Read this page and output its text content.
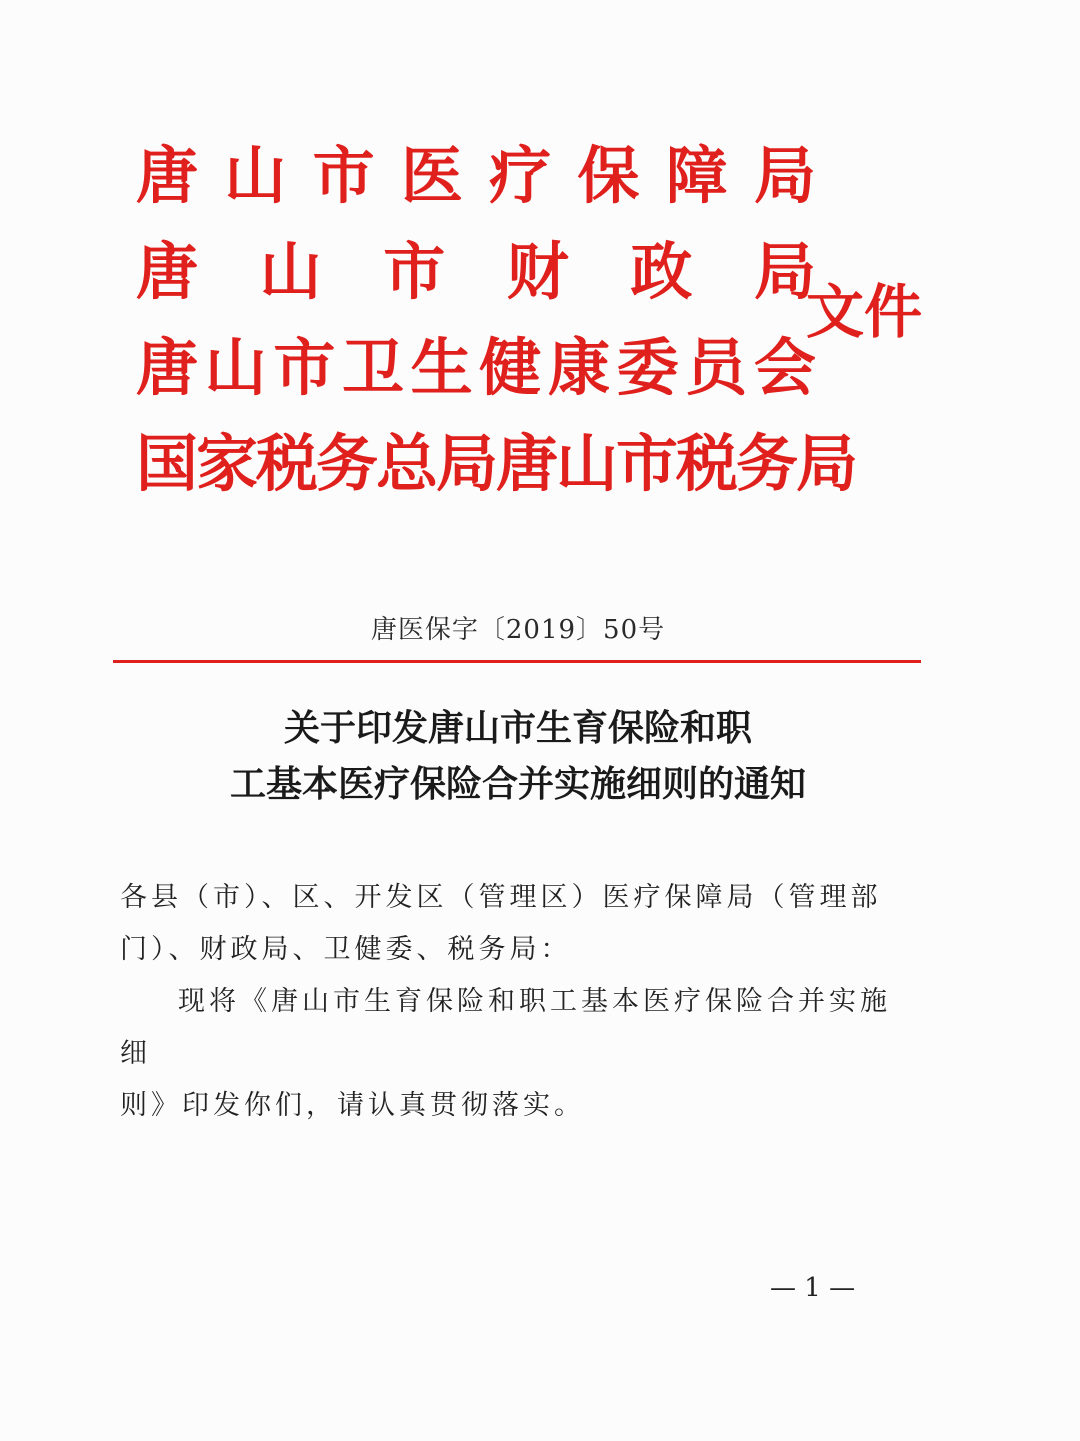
唐 山 市 医 疗 保 障 局
唐 山 市 财 政 局
唐 山 市 卫 生 健 康 委 员 会
国家税务总局唐山市税务局
文件
唐医保字〔2019〕50号
关于印发唐山市生育保险和职
工基本医疗保险合并实施细则的通知

各县（市）、区、开发区（管理区）医疗保障局（管理部

门）、财政局、卫健委、税务局：

现将《唐山市生育保险和职工基本医疗保险合并实施细

则》印发你们，请认真贯彻落实。

— 1 —
